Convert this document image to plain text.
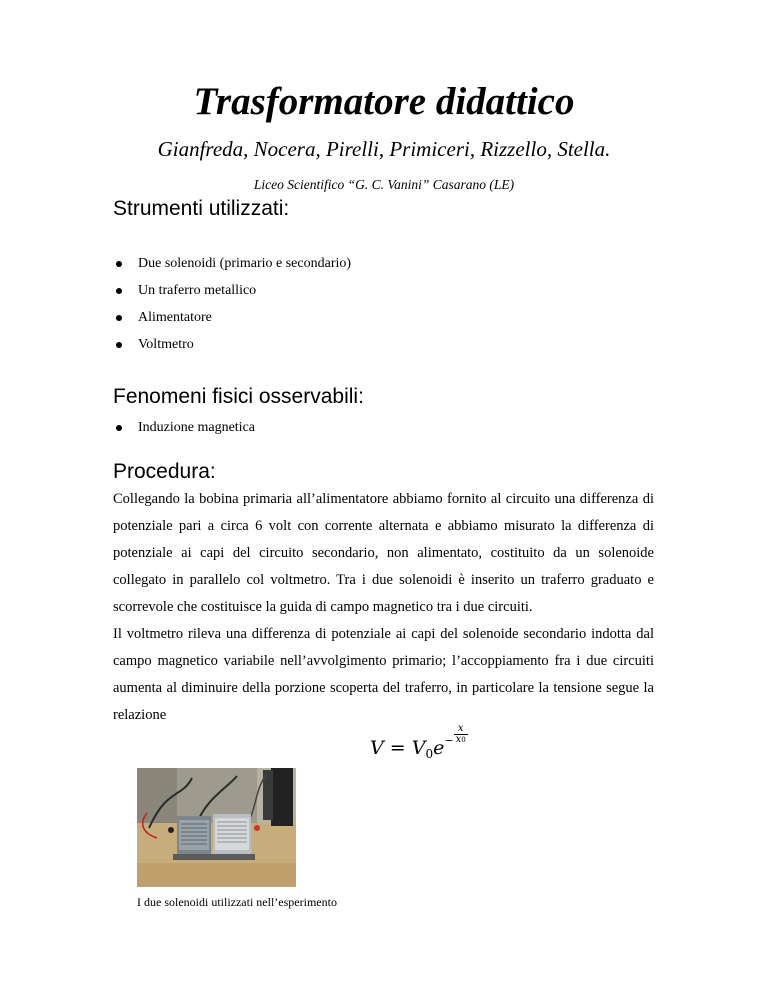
Trasformatore didattico
Gianfreda, Nocera, Pirelli, Primiceri, Rizzello, Stella.
Liceo Scientifico “G. C. Vanini” Casarano (LE)
Strumenti utilizzati:
Due solenoidi (primario e secondario)
Un traferro metallico
Alimentatore
Voltmetro
Fenomeni fisici osservabili:
Induzione magnetica
Procedura:
Collegando la bobina primaria all’alimentatore abbiamo fornito al circuito una differenza di potenziale pari a circa 6 volt con corrente alternata e abbiamo misurato la differenza di potenziale ai capi del circuito secondario, non alimentato, costituito da un solenoide collegato in parallelo col voltmetro. Tra i due solenoidi è inserito un traferro graduato e scorrevole che costituisce la guida di campo magnetico tra i due circuiti.
Il voltmetro rileva una differenza di potenziale ai capi del solenoide secondario indotta dal campo magnetico variabile nell’avvolgimento primario; l’accoppiamento fra i due circuiti aumenta al diminuire della porzione scoperta del traferro, in particolare la tensione segue la relazione
$V = V_0e^- \frac{x}{x0}$
I due solenoidi utilizzati nell’esperimento
